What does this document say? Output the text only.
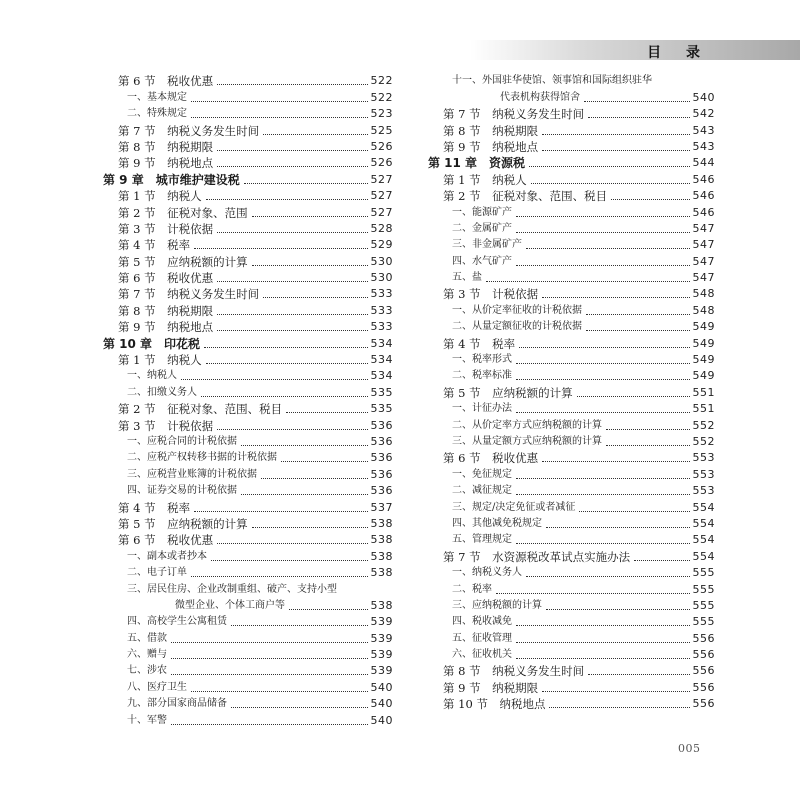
目 录
第 6 节　税收优惠	522
一、基本规定	522
二、特殊规定	523
第 7 节　纳税义务发生时间	525
第 8 节　纳税期限	526
第 9 节　纳税地点	526
第 9 章　城市维护建设税	527
第 1 节　纳税人	527
第 2 节　征税对象、范围	527
第 3 节　计税依据	528
第 4 节　税率	529
第 5 节　应纳税额的计算	530
第 6 节　税收优惠	530
第 7 节　纳税义务发生时间	533
第 8 节　纳税期限	533
第 9 节　纳税地点	533
第 10 章　印花税	534
第 1 节　纳税人	534
一、纳税人	534
二、扣缴义务人	535
第 2 节　征税对象、范围、税目	535
第 3 节　计税依据	536
一、应税合同的计税依据	536
二、应税产权转移书据的计税依据	536
三、应税营业账簿的计税依据	536
四、证券交易的计税依据	536
第 4 节　税率	537
第 5 节　应纳税额的计算	538
第 6 节　税收优惠	538
一、副本或者抄本	538
二、电子订单	538
三、居民住房、企业改制重组、破产、支持小型
微型企业、个体工商户等	538
四、高校学生公寓租赁	539
五、借款	539
六、赠与	539
七、涉农	539
八、医疗卫生	540
九、部分国家商品储备	540
十、军警	540
十一、外国驻华使馆、领事馆和国际组织驻华
代表机构获得馆舍	540
第 7 节　纳税义务发生时间	542
第 8 节　纳税期限	543
第 9 节　纳税地点	543
第 11 章　资源税	544
第 1 节　纳税人	546
第 2 节　征税对象、范围、税目	546
一、能源矿产	546
二、金属矿产	547
三、非金属矿产	547
四、水气矿产	547
五、盐	547
第 3 节　计税依据	548
一、从价定率征收的计税依据	548
二、从量定额征收的计税依据	549
第 4 节　税率	549
一、税率形式	549
二、税率标准	549
第 5 节　应纳税额的计算	551
一、计征办法	551
二、从价定率方式应纳税额的计算	552
三、从量定额方式应纳税额的计算	552
第 6 节　税收优惠	553
一、免征规定	553
二、减征规定	553
三、规定/决定免征或者减征	554
四、其他减免税规定	554
五、管理规定	554
第 7 节　水资源税改革试点实施办法	554
一、纳税义务人	555
二、税率	555
三、应纳税额的计算	555
四、税收减免	555
五、征收管理	556
六、征收机关	556
第 8 节　纳税义务发生时间	556
第 9 节　纳税期限	556
第 10 节　纳税地点	556
005
